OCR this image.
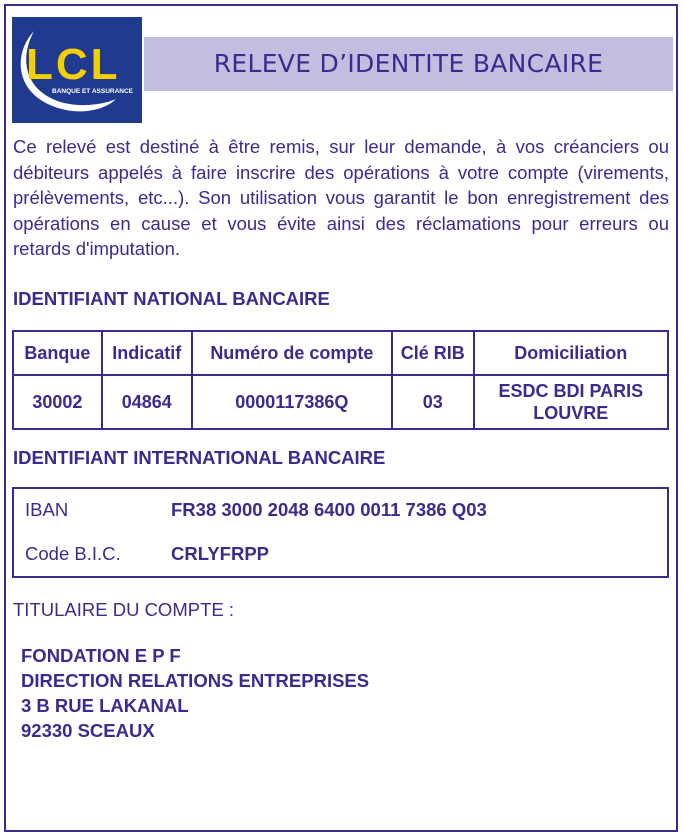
LCL
BANQUE ET ASSURANCE
RELEVE D’IDENTITE BANCAIRE
Ce relevé est destiné à être remis, sur leur demande, à vos créanciers ou débiteurs appelés à faire inscrire des opérations à votre compte (virements, prélèvements, etc...). Son utilisation vous garantit le bon enregistrement des opérations en cause et vous évite ainsi des réclamations pour erreurs ou retards d'imputation.
IDENTIFIANT NATIONAL BANCAIRE
Banque	Indicatif	Numéro de compte	Clé RIB	Domiciliation
30002	04864	0000117386Q	03	ESDC BDI PARIS
LOUVRE
IDENTIFIANT INTERNATIONAL BANCAIRE
IBAN	FR38 3000 2048 6400 0011 7386 Q03
Code B.I.C.	CRLYFRPP
TITULAIRE DU COMPTE :
FONDATION E P F
DIRECTION RELATIONS ENTREPRISES
3 B RUE LAKANAL
92330 SCEAUX
